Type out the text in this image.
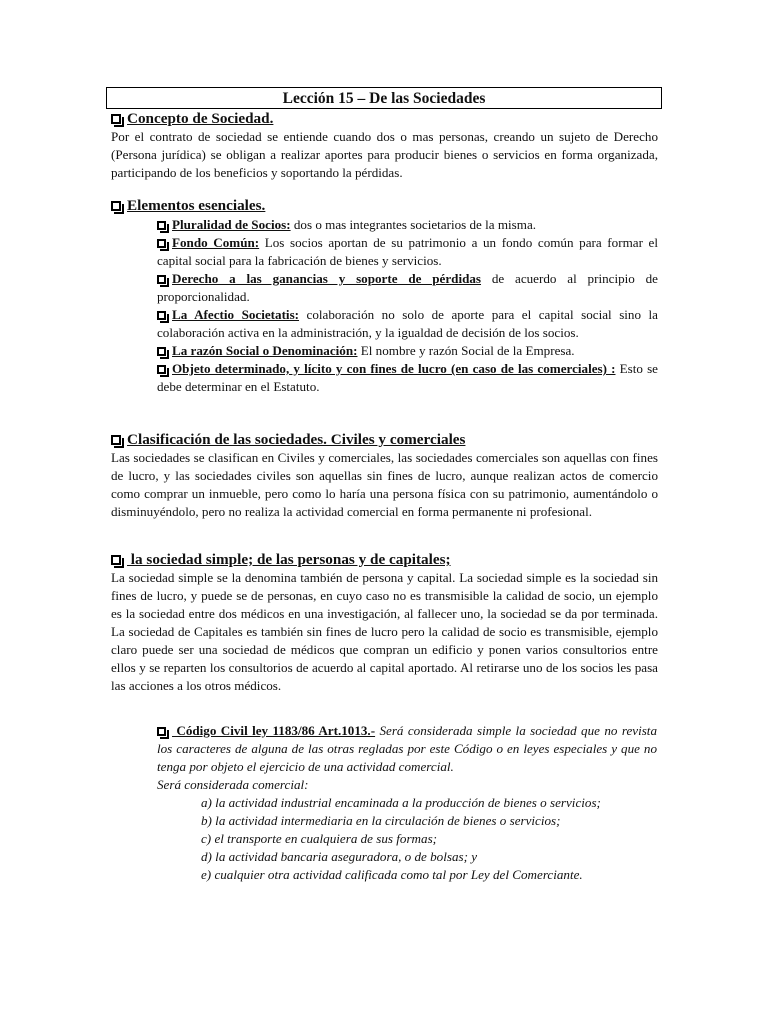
Lección 15 – De las Sociedades

Concepto de Sociedad.

Por el contrato de sociedad se entiende cuando dos o mas personas, creando un sujeto de Derecho (Persona jurídica) se obligan a realizar aportes para producir bienes o servicios en forma organizada, participando de los beneficios y soportando la pérdidas.

Elementos esenciales.

Pluralidad de Socios: dos o mas integrantes societarios de la misma.

Fondo Común: Los socios aportan de su patrimonio a un fondo común para formar el capital social para la fabricación de bienes y servicios.

Derecho a las ganancias y soporte de pérdidas de acuerdo al principio de proporcionalidad.

La Afectio Societatis: colaboración no solo de aporte para el capital social sino la colaboración activa en la administración, y la igualdad de decisión de los socios.

La razón Social o Denominación: El nombre y razón Social de la Empresa.

Objeto determinado, y lícito y con fines de lucro (en caso de las comerciales) : Esto se debe determinar en el Estatuto.

Clasificación de las sociedades. Civiles y comerciales

Las sociedades se clasifican en Civiles y comerciales, las sociedades comerciales son aquellas con fines de lucro, y las sociedades civiles son aquellas sin fines de lucro, aunque realizan actos de comercio como comprar un inmueble, pero como lo haría una persona física con su patrimonio, aumentándolo o disminuyéndolo, pero no realiza la actividad comercial en forma permanente ni profesional.

la sociedad simple; de las personas y de capitales;

La sociedad simple se la denomina también de persona y capital. La sociedad simple es la sociedad sin fines de lucro, y puede se de personas, en cuyo caso no es transmisible la calidad de socio, un ejemplo es la sociedad entre dos médicos en una investigación, al fallecer uno, la sociedad se da por terminada. La sociedad de Capitales es también sin fines de lucro pero la calidad de socio es transmisible, ejemplo claro puede ser una sociedad de médicos que compran un edificio y ponen varios consultorios entre ellos y se reparten los consultorios de acuerdo al capital aportado. Al retirarse uno de los socios les pasa las acciones a los otros médicos.

Código Civil ley 1183/86 Art.1013.- Será considerada simple la sociedad que no revista los caracteres de alguna de las otras regladas por este Código o en leyes especiales y que no tenga por objeto el ejercicio de una actividad comercial.

Será considerada comercial:

a) la actividad industrial encaminada a la producción de bienes o servicios;
b) la actividad intermediaria en la circulación de bienes o servicios;
c) el transporte en cualquiera de sus formas;
d) la actividad bancaria aseguradora, o de bolsas; y
e) cualquier otra actividad calificada como tal por Ley del Comerciante.
